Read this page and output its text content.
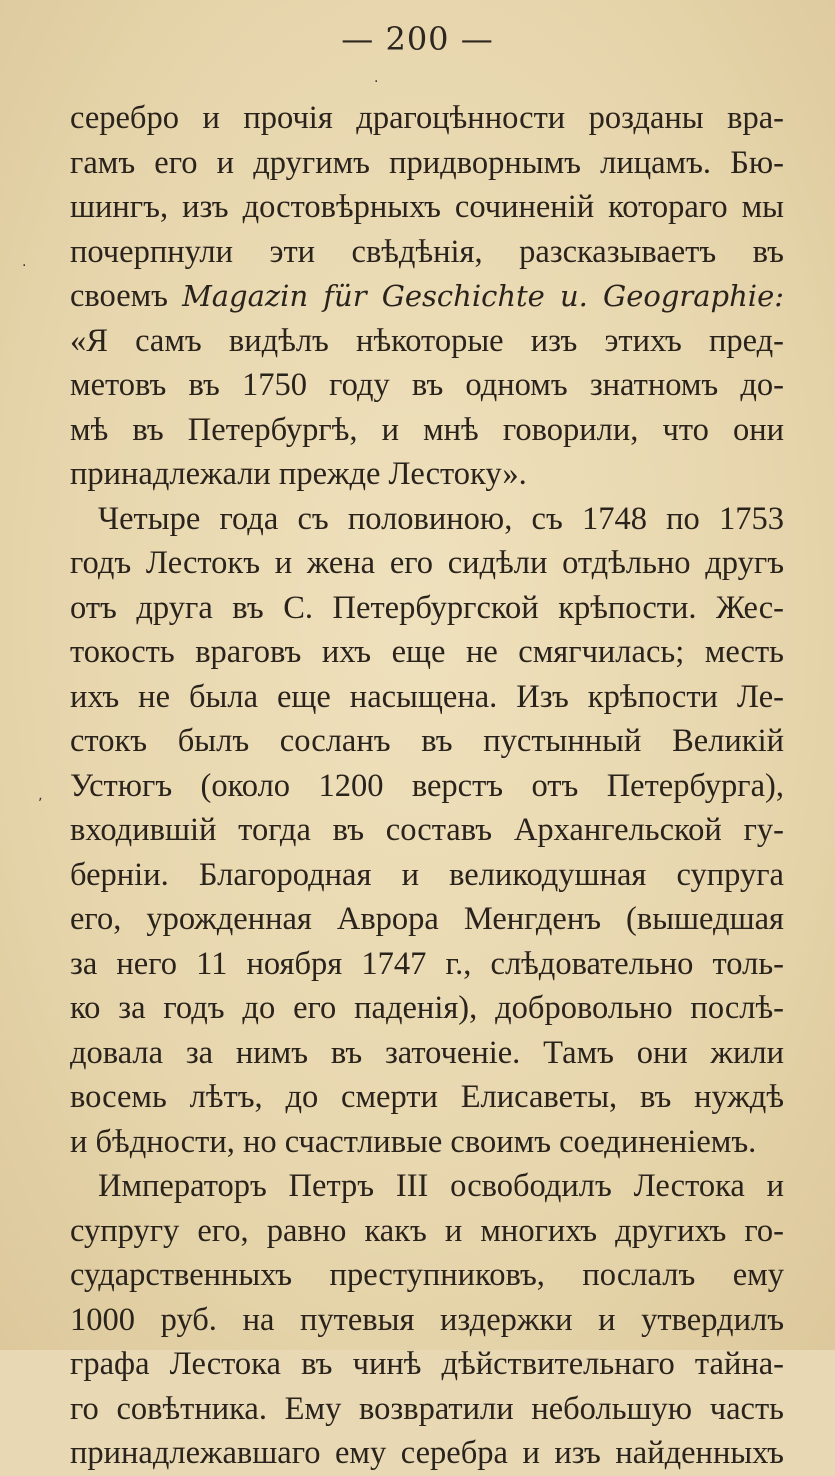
— 200 —
·
·
ʼ
серебро и прочія драгоцѣнности розданы вра-
гамъ его и другимъ придворнымъ лицамъ. Бю-
шингъ, изъ достовѣрныхъ сочиненій котораго мы
почерпнули эти свѣдѣнія, разсказываетъ въ
своемъ Magazin für Geschichte u. Geographie:
«Я самъ видѣлъ нѣкоторые изъ этихъ пред-
метовъ въ 1750 году въ одномъ знатномъ до-
мѣ въ Петербургѣ, и мнѣ говорили, что они
принадлежали прежде Лестоку».
Четыре года съ половиною, съ 1748 по 1753
годъ Лестокъ и жена его сидѣли отдѣльно другъ
отъ друга въ С. Петербургской крѣпости. Жес-
токость враговъ ихъ еще не смягчилась; месть
ихъ не была еще насыщена. Изъ крѣпости Ле-
стокъ былъ сосланъ въ пустынный Великій
Устюгъ (около 1200 верстъ отъ Петербурга),
входившій тогда въ составъ Архангельской гу-
берніи. Благородная и великодушная супруга
его, урожденная Аврора Менгденъ (вышедшая
за него 11 ноября 1747 г., слѣдовательно толь-
ко за годъ до его паденія), добровольно послѣ-
довала за нимъ въ заточеніе. Тамъ они жили
восемь лѣтъ, до смерти Елисаветы, въ нуждѣ
и бѣдности, но счастливые своимъ соединеніемъ.
Императоръ Петръ III освободилъ Лестока и
супругу его, равно какъ и многихъ другихъ го-
сударственныхъ преступниковъ, послалъ ему
1000 руб. на путевыя издержки и утвердилъ
графа Лестока въ чинѣ дѣйствительнаго тайна-
го совѣтника. Ему возвратили небольшую часть
принадлежавшаго ему серебра и изъ найденныхъ
